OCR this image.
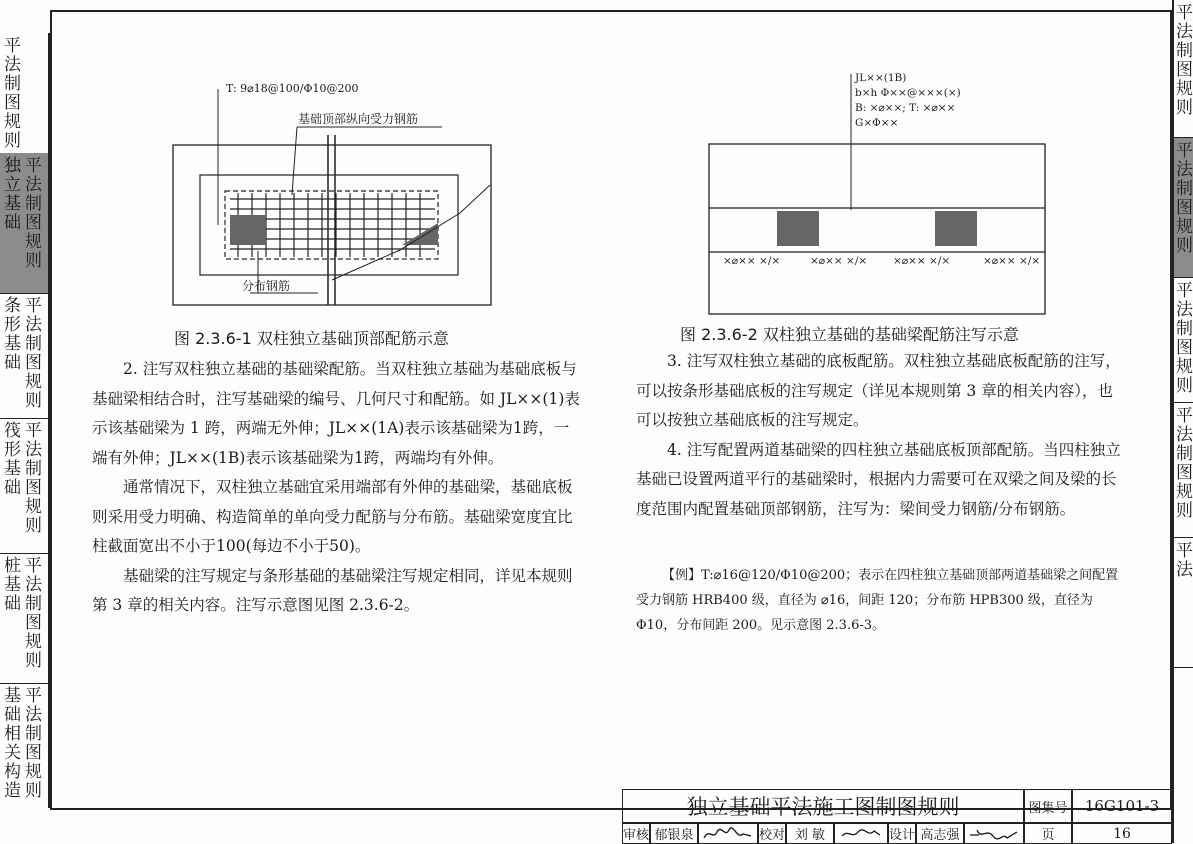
平法制图规则
独立基础
平法制图规则
条形基础
平法制图规则
筏形基础
平法制图规则
桩基础
平法制图规则
基础相关构造
平法制图规则
平法制图规则
平法制图规则
平法制图规则
平法制图规则
平法
T: 9⌀18@100/Φ10@200
基础顶部纵向受力钢筋
分布钢筋
图 2.3.6-1 双柱独立基础顶部配筋示意
JL××(1B)
b×h Φ××@×××(×)
B: ×⌀××; T: ×⌀××
G×Φ××
×⌀×× ×/×	×⌀×× ×/× ×⌀×× ×/×	×⌀×× ×/×
图 2.3.6-2 双柱独立基础的基础梁配筋注写示意

2. 注写双柱独立基础的基础梁配筋。当双柱独立基础为基础底板与基础梁相结合时，注写基础梁的编号、几何尺寸和配筋。如 JL××(1)表示该基础梁为 1 跨，两端无外伸；JL××(1A)表示该基础梁为1跨，一端有外伸；JL××(1B)表示该基础梁为1跨，两端均有外伸。

通常情况下，双柱独立基础宜采用端部有外伸的基础梁，基础底板则采用受力明确、构造简单的单向受力配筋与分布筋。基础梁宽度宜比柱截面宽出不小于100(每边不小于50)。

基础梁的注写规定与条形基础的基础梁注写规定相同，详见本规则第 3 章的相关内容。注写示意图见图 2.3.6-2。

3. 注写双柱独立基础的底板配筋。双柱独立基础底板配筋的注写，可以按条形基础底板的注写规定（详见本规则第 3 章的相关内容），也可以按独立基础底板的注写规定。

4. 注写配置两道基础梁的四柱独立基础底板顶部配筋。当四柱独立基础已设置两道平行的基础梁时，根据内力需要可在双梁之间及梁的长度范围内配置基础顶部钢筋，注写为：梁间受力钢筋/分布钢筋。

【例】T:⌀16@120/Φ10@200；表示在四柱独立基础顶部两道基础梁之间配置受力钢筋 HRB400 级，直径为 ⌀16，间距 120；分布筋 HPB300 级，直径为 Φ10，分布间距 200。见示意图 2.3.6-3。

独立基础平法施工图制图规则	图集号	16G101-3
审核 郁银泉	校对 刘 敏	设计 高志强	页	16
